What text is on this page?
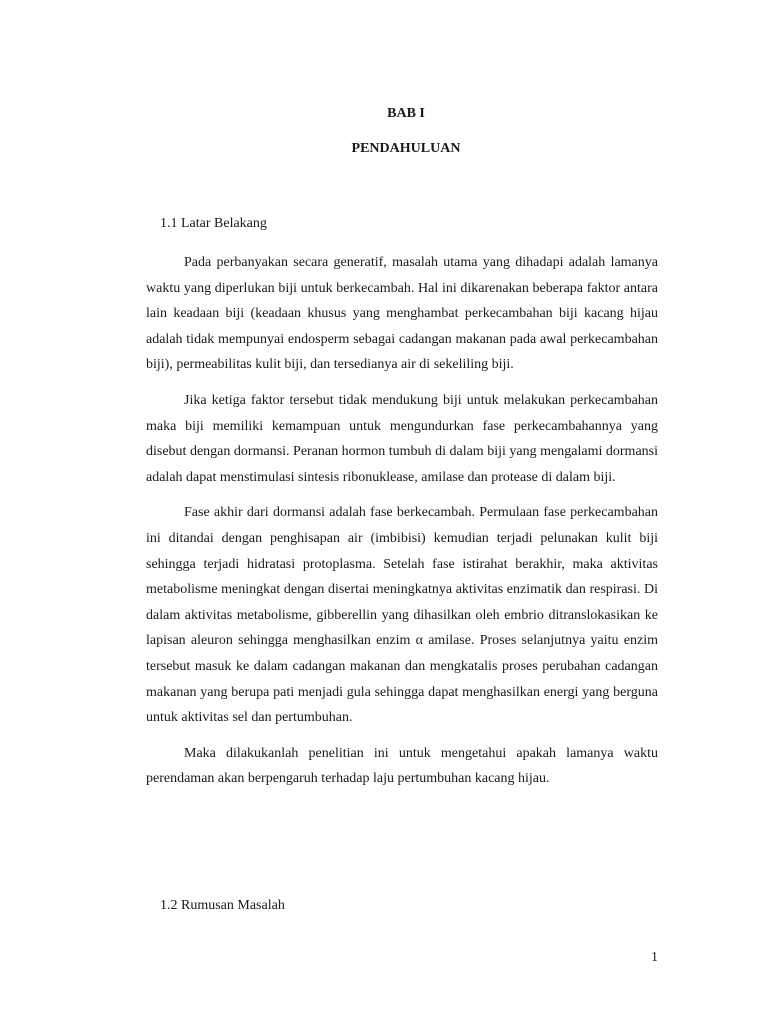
BAB I
PENDAHULUAN
1.1 Latar Belakang

Pada perbanyakan secara generatif, masalah utama yang dihadapi adalah lamanya waktu yang diperlukan biji untuk berkecambah. Hal ini dikarenakan beberapa faktor antara lain keadaan biji (keadaan khusus yang menghambat perkecambahan biji kacang hijau adalah tidak mempunyai endosperm sebagai cadangan makanan pada awal perkecambahan biji), permeabilitas kulit biji, dan tersedianya air di sekeliling biji.

Jika ketiga faktor tersebut tidak mendukung biji untuk melakukan perkecambahan maka biji memiliki kemampuan untuk mengundurkan fase perkecambahannya yang disebut dengan dormansi. Peranan hormon tumbuh di dalam biji yang mengalami dormansi adalah dapat menstimulasi sintesis ribonuklease, amilase dan protease di dalam biji.

Fase akhir dari dormansi adalah fase berkecambah. Permulaan fase perkecambahan ini ditandai dengan penghisapan air (imbibisi) kemudian terjadi pelunakan kulit biji sehingga terjadi hidratasi protoplasma. Setelah fase istirahat berakhir, maka aktivitas metabolisme meningkat dengan disertai meningkatnya aktivitas enzimatik dan respirasi. Di dalam aktivitas metabolisme, gibberellin yang dihasilkan oleh embrio ditranslokasikan ke lapisan aleuron sehingga menghasilkan enzim α amilase. Proses selanjutnya yaitu enzim tersebut masuk ke dalam cadangan makanan dan mengkatalis proses perubahan cadangan makanan yang berupa pati menjadi gula sehingga dapat menghasilkan energi yang berguna untuk aktivitas sel dan pertumbuhan.

Maka dilakukanlah penelitian ini untuk mengetahui apakah lamanya waktu perendaman akan berpengaruh terhadap laju pertumbuhan kacang hijau.

1.2 Rumusan Masalah
1
